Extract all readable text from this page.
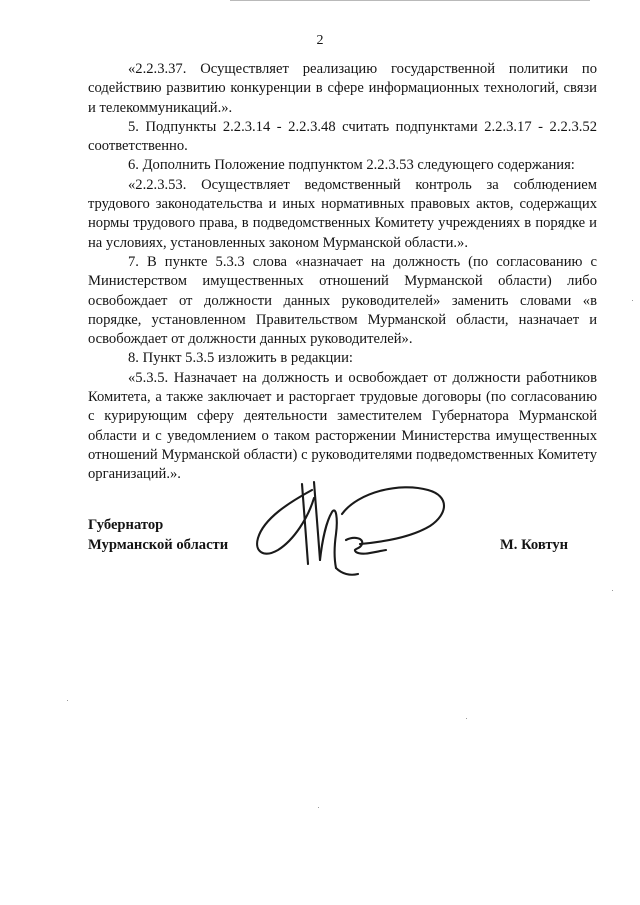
2

«2.2.3.37. Осуществляет реализацию государственной политики по содействию развитию конкуренции в сфере информационных технологий, связи и телекоммуникаций.».

5. Подпункты 2.2.3.14 - 2.2.3.48 считать подпунктами 2.2.3.17 - 2.2.3.52 соответственно.

6. Дополнить Положение подпунктом 2.2.3.53 следующего содержания:

«2.2.3.53. Осуществляет ведомственный контроль за соблюдением трудового законодательства и иных нормативных правовых актов, содержащих нормы трудового права, в подведомственных Комитету учреждениях в порядке и на условиях, установленных законом Мурманской области.».

7. В пункте 5.3.3 слова «назначает на должность (по согласованию с Министерством имущественных отношений Мурманской области) либо освобождает от должности данных руководителей» заменить словами «в порядке, установленном Правительством Мурманской области, назначает и освобождает от должности данных руководителей».

8. Пункт 5.3.5 изложить в редакции:

«5.3.5. Назначает на должность и освобождает от должности работников Комитета, а также заключает и расторгает трудовые договоры (по согласованию с курирующим сферу деятельности заместителем Губернатора Мурманской области и с уведомлением о таком расторжении Министерства имущественных отношений Мурманской области) с руководителями подведомственных Комитету организаций.».

Губернатор
Мурманской области	М. Ковтун
